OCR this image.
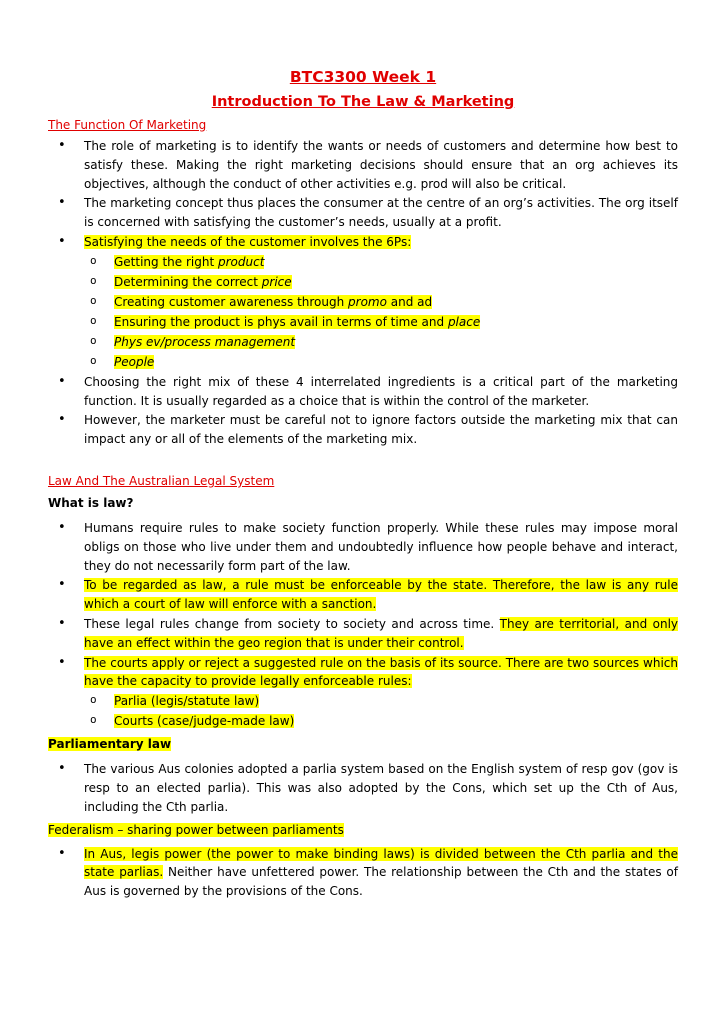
BTC3300 Week 1
Introduction To The Law & Marketing
The Function Of Marketing
• The role of marketing is to identify the wants or needs of customers and determine how best to satisfy these. Making the right marketing decisions should ensure that an org achieves its objectives, although the conduct of other activities e.g. prod will also be critical.
• The marketing concept thus places the consumer at the centre of an org’s activities. The org itself is concerned with satisfying the customer’s needs, usually at a profit.
• Satisfying the needs of the customer involves the 6Ps:
o Getting the right product
o Determining the correct price
o Creating customer awareness through promo and ad
o Ensuring the product is phys avail in terms of time and place
o Phys ev/process management
o People
• Choosing the right mix of these 4 interrelated ingredients is a critical part of the marketing function. It is usually regarded as a choice that is within the control of the marketer.
• However, the marketer must be careful not to ignore factors outside the marketing mix that can impact any or all of the elements of the marketing mix.
Law And The Australian Legal System
What is law?
• Humans require rules to make society function properly. While these rules may impose moral obligs on those who live under them and undoubtedly influence how people behave and interact, they do not necessarily form part of the law.
• To be regarded as law, a rule must be enforceable by the state. Therefore, the law is any rule which a court of law will enforce with a sanction.
• These legal rules change from society to society and across time. They are territorial, and only have an effect within the geo region that is under their control.
• The courts apply or reject a suggested rule on the basis of its source. There are two sources which have the capacity to provide legally enforceable rules:
o Parlia (legis/statute law)
o Courts (case/judge-made law)
Parliamentary law
• The various Aus colonies adopted a parlia system based on the English system of resp gov (gov is resp to an elected parlia). This was also adopted by the Cons, which set up the Cth of Aus, including the Cth parlia.
Federalism – sharing power between parliaments
• In Aus, legis power (the power to make binding laws) is divided between the Cth parlia and the state parlias. Neither have unfettered power. The relationship between the Cth and the states of Aus is governed by the provisions of the Cons.
